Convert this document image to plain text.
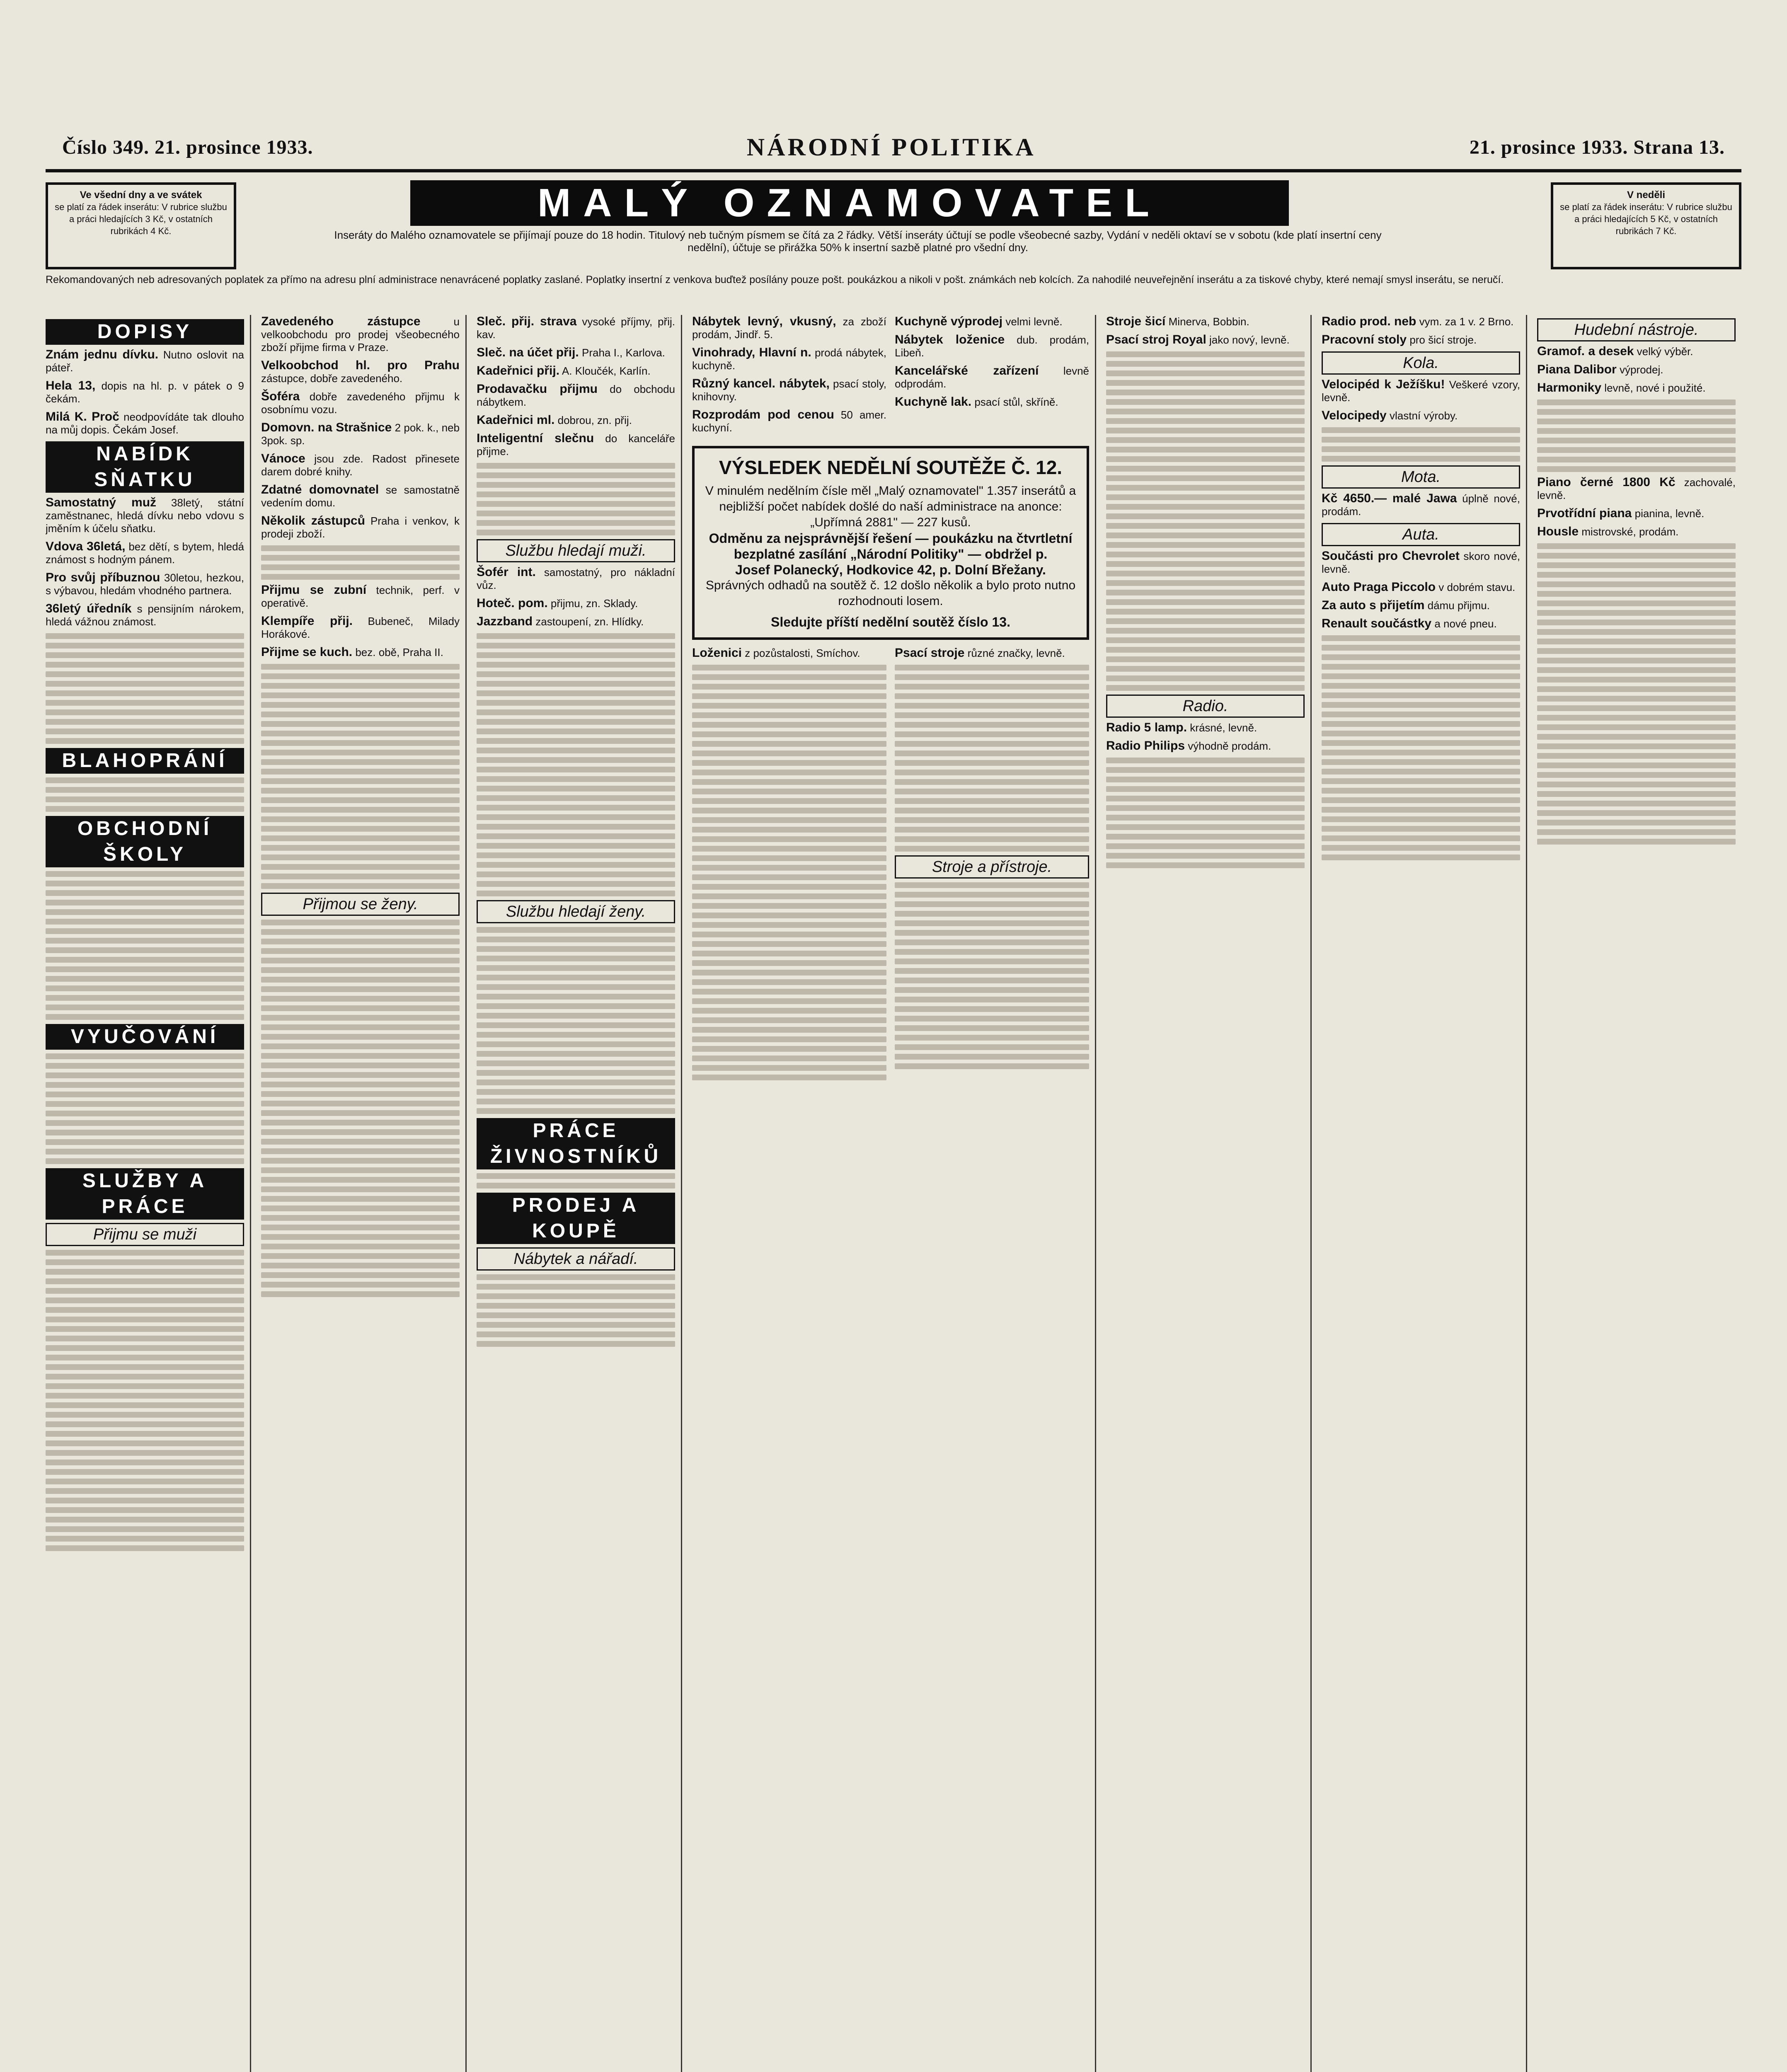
Číslo 349. 21. prosince 1933.	NÁRODNÍ POLITIKA	21. prosince 1933. Strana 13.
Ve všední dny a ve svátek
se platí za řádek inserátu: V rubrice službu a práci hledajících 3 Kč, v ostatních rubrikách 4 Kč.
MALÝ OZNAMOVATEL
Inseráty do Malého oznamovatele se přijímají pouze do 18 hodin. Titulový neb tučným písmem se čítá za 2 řádky. Větší inseráty účtují se podle všeobecné sazby, Vydání v neděli oktaví se v sobotu (kde platí insertní ceny nedělní), účtuje se přirážka 50% k insertní sazbě platné pro všední dny.
V neděli
se platí za řádek inserátu: V rubrice službu a práci hledajících 5 Kč, v ostatních rubrikách 7 Kč.
Rekomandovaných neb adresovaných poplatek za přímo na adresu plní administrace nenavrácené poplatky zaslané. Poplatky insertní z venkova buďtež posílány pouze pošt. poukázkou a nikoli v pošt. známkách neb kolcích. Za nahodilé neuveřejnění inserátu a za tiskové chyby, které nemají smysl inserátu, se neručí.
DOPISY
Znám jednu dívku. Nutno oslovit na páteř.
Hela 13, dopis na hl. p. v pátek o 9 čekám.
Milá K. Proč neodpovídáte tak dlouho na můj dopis. Čekám Josef.
NABÍDK SŇATKU
Samostatný muž 38letý, státní zaměstnanec, hledá dívku nebo vdovu s jměním k účelu sňatku.
Vdova 36letá, bez dětí, s bytem, hledá známost s hodným pánem.
Pro svůj příbuznou 30letou, hezkou, s výbavou, hledám vhodného partnera.
36letý úředník s pensijním nárokem, hledá vážnou známost.
BLAHOPRÁNÍ
OBCHODNÍ ŠKOLY
VYUČOVÁNÍ
SLUŽBY A PRÁCE
Přijmu se muži
Zavedeného zástupce	u velkoobchodu pro prodej všeobecného zboží přijme firma v Praze.
Velkoobchod hl. pro Prahu zástupce, dobře zavedeného.
Šoféra dobře zavedeného přijmu k osobnímu vozu.
Domovn. na Strašnice 2 pok. k., neb 3pok. sp.
Vánoce jsou zde. Radost přinesete darem dobré knihy.
Zdatné domovnatel se samostatně vedením domu.
Několik zástupců Praha i venkov, k prodeji zboží.
Přijmu se zubní technik, perf. v operativě.
Klempíře přij. Bubeneč, Milady Horákové.
Přijme se kuch. bez. obě, Praha II.
Přijmou se ženy.
Sleč. přij. strava vysoké příjmy, přij. kav.
Sleč. na účet přij. Praha I., Karlova.
Kadeřnici přij. A. Kloučék, Karlín.
Prodavačku přijmu do obchodu nábytkem.
Kadeřnici ml. dobrou, zn. přij.
Inteligentní slečnu do kanceláře přijme.
Službu hledají muži.
Šofér int. samostatný, pro nákladní vůz.
Hoteč. pom. přijmu, zn. Sklady.
Jazzband zastoupení, zn. Hlídky.
Službu hledají ženy.
PRÁCE ŽIVNOSTNÍKŮ
PRODEJ A KOUPĚ
Nábytek a nářadí.
Nábytek levný, vkusný, za zboží prodám, Jindř. 5.
Vinohrady, Hlavní n. prodá nábytek, kuchyně.
Různý kancel. nábytek, psací stoly, knihovny.
Rozprodám pod cenou 50 amer. kuchyní.
Kuchyně výprodej velmi levně.
Nábytek loženice dub. prodám, Libeň.
Kancelářské zařízení levně odprodám.
Kuchyně lak. psací stůl, skříně.
VÝSLEDEK NEDĚLNÍ SOUTĚŽE Č. 12.
V minulém nedělním čísle měl „Malý oznamovatel" 1.357 inserátů a nejbližší počet nabídek došlé do naší administrace na anonce: „Upřímná 2881" — 227 kusů.
Odměnu za nejsprávnější řešení — poukázku na čtvrtletní bezplatné zasílání „Národní Politiky" — obdržel p.
Josef Polanecký, Hodkovice 42, p. Dolní Břežany.
Správných odhadů na soutěž č. 12 došlo několik a bylo proto nutno rozhodnouti losem.
Sledujte příští nedělní soutěž číslo 13.
Loženici z pozůstalosti, Smíchov.	Psací stroje různé značky, levně.
Stroje a přístroje.
Stroje šicí Minerva, Bobbin.
Psací stroj Royal jako nový, levně.
Radio.
Radio 5 lamp. krásné, levně.
Radio Philips výhodně prodám.
Radio prod. neb vym. za 1 v. 2 Brno.
Pracovní stoly pro šicí stroje.
Kola.
Velocipéd k Ježíšku! Veškeré vzory, levně.
Velocipedy vlastní výroby.
Mota.
Kč 4650.— malé Jawa úplně nové, prodám.
Auta.
Součásti pro Chevrolet skoro nové, levně.
Auto Praga Piccolo v dobrém stavu.
Za auto s přijetím dámu přijmu.
Renault součástky a nové pneu.
Hudební nástroje.
Gramof. a desek velký výběr.
Piana Dalibor výprodej.
Harmoniky levně, nové i použité.
Piano černé 1800 Kč zachovalé, levně.
Prvotřídní piana pianina, levně.
Housle mistrovské, prodám.
